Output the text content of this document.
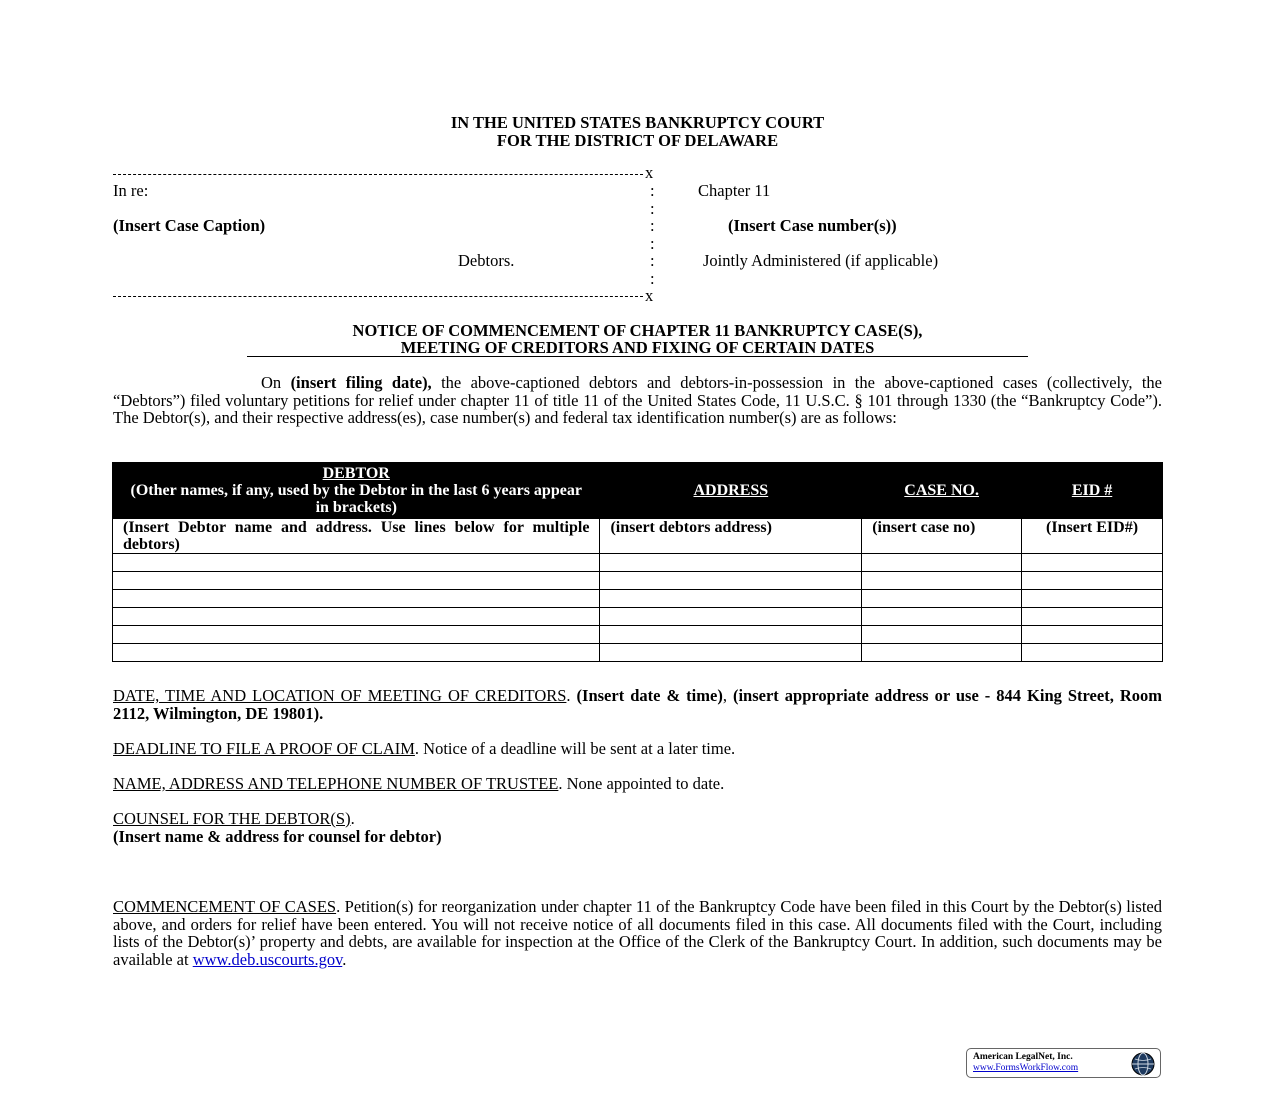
IN THE UNITED STATES BANKRUPTCY COURT
FOR THE DISTRICT OF DELAWARE
x
In re:
(Insert Case Caption)
Debtors.
:
:
:
:
:
:
Chapter 11
(Insert Case number(s))
Jointly Administered (if applicable)
x
NOTICE OF COMMENCEMENT OF CHAPTER 11 BANKRUPTCY CASE(S),
MEETING OF CREDITORS AND FIXING OF CERTAIN DATES
On (insert filing date), the above-captioned debtors and debtors-in-possession in the above-captioned cases (collectively, the “Debtors”) filed voluntary petitions for relief under chapter 11 of title 11 of the United States Code, 11 U.S.C. § 101 through 1330 (the “Bankruptcy Code”). The Debtor(s), and their respective address(es), case number(s) and federal tax identification number(s) are as follows:
DEBTOR
(Other names, if any, used by the Debtor in the last 6 years appear in brackets)	ADDRESS	CASE NO.	EID #
(Insert Debtor name and address. Use lines below for multiple debtors)	(insert debtors address)	(insert case no)	(Insert EID#)

DATE, TIME AND LOCATION OF MEETING OF CREDITORS. (Insert date & time), (insert appropriate address or use - 844 King Street, Room 2112, Wilmington, DE 19801).
DEADLINE TO FILE A PROOF OF CLAIM. Notice of a deadline will be sent at a later time.
NAME, ADDRESS AND TELEPHONE NUMBER OF TRUSTEE. None appointed to date.
COUNSEL FOR THE DEBTOR(S).
(Insert name & address for counsel for debtor)
COMMENCEMENT OF CASES. Petition(s) for reorganization under chapter 11 of the Bankruptcy Code have been filed in this Court by the Debtor(s) listed above, and orders for relief have been entered. You will not receive notice of all documents filed in this case. All documents filed with the Court, including lists of the Debtor(s)’ property and debts, are available for inspection at the Office of the Clerk of the Bankruptcy Court. In addition, such documents may be available at www.deb.uscourts.gov.
American LegalNet, Inc.
www.FormsWorkFlow.com
